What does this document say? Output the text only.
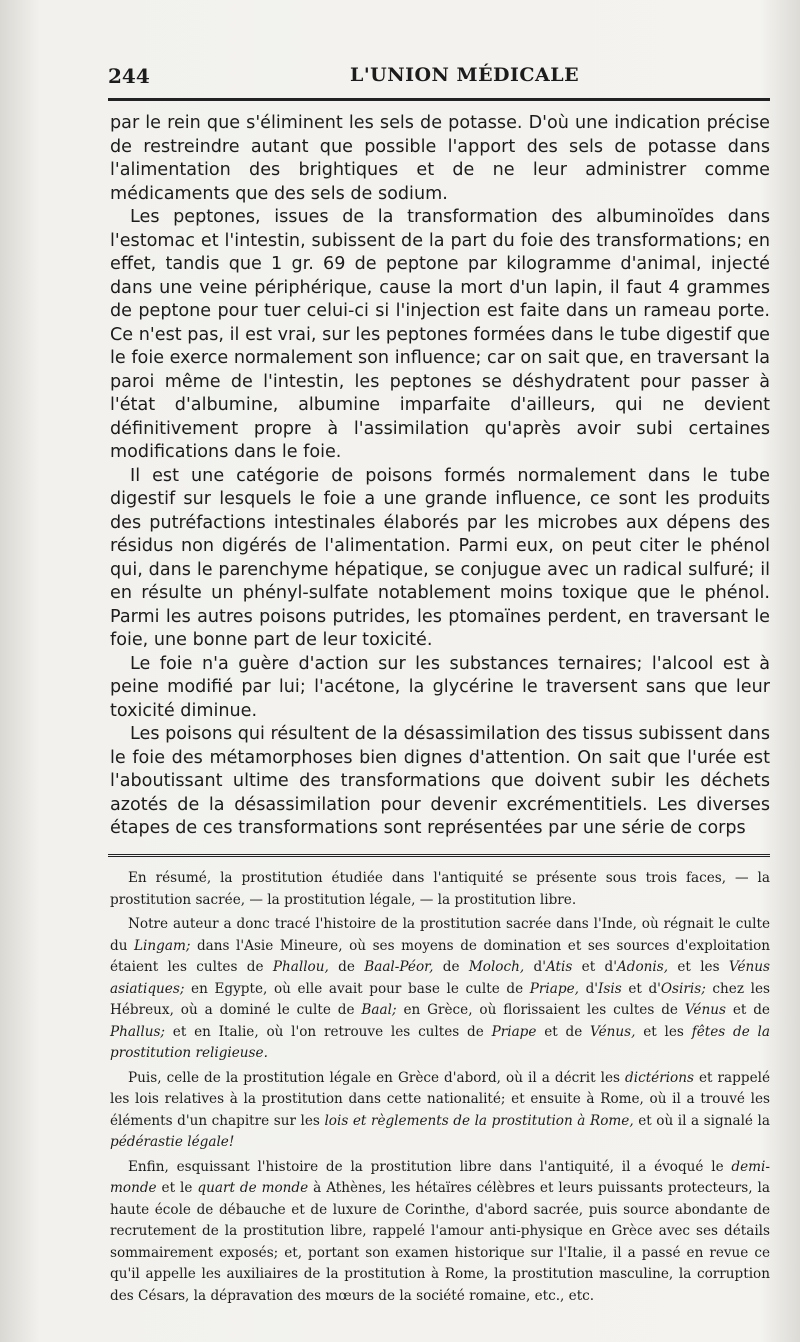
244	L'UNION MÉDICALE

par le rein que s'éliminent les sels de potasse. D'où une indication précise de restreindre autant que possible l'apport des sels de potasse dans l'alimentation des brightiques et de ne leur administrer comme médicaments que des sels de sodium.

Les peptones, issues de la transformation des albuminoïdes dans l'estomac et l'intestin, subissent de la part du foie des transformations; en effet, tandis que 1 gr. 69 de peptone par kilogramme d'animal, injecté dans une veine périphérique, cause la mort d'un lapin, il faut 4 grammes de peptone pour tuer celui-ci si l'injection est faite dans un rameau porte. Ce n'est pas, il est vrai, sur les peptones formées dans le tube digestif que le foie exerce normalement son influence; car on sait que, en traversant la paroi même de l'intestin, les peptones se déshydratent pour passer à l'état d'albumine, albumine imparfaite d'ailleurs, qui ne devient définitivement propre à l'assimilation qu'après avoir subi certaines modifications dans le foie.

Il est une catégorie de poisons formés normalement dans le tube digestif sur lesquels le foie a une grande influence, ce sont les produits des putréfactions intestinales élaborés par les microbes aux dépens des résidus non digérés de l'alimentation. Parmi eux, on peut citer le phénol qui, dans le parenchyme hépatique, se conjugue avec un radical sulfuré; il en résulte un phényl-sulfate notablement moins toxique que le phénol. Parmi les autres poisons putrides, les ptomaïnes perdent, en traversant le foie, une bonne part de leur toxicité.

Le foie n'a guère d'action sur les substances ternaires; l'alcool est à peine modifié par lui; l'acétone, la glycérine le traversent sans que leur toxicité diminue.

Les poisons qui résultent de la désassimilation des tissus subissent dans le foie des métamorphoses bien dignes d'attention. On sait que l'urée est l'aboutissant ultime des transformations que doivent subir les déchets azotés de la désassimilation pour devenir excrémentitiels. Les diverses étapes de ces transformations sont représentées par une série de corps

En résumé, la prostitution étudiée dans l'antiquité se présente sous trois faces, — la prostitution sacrée, — la prostitution légale, — la prostitution libre.

Notre auteur a donc tracé l'histoire de la prostitution sacrée dans l'Inde, où régnait le culte du Lingam; dans l'Asie Mineure, où ses moyens de domination et ses sources d'exploitation étaient les cultes de Phallou, de Baal-Péor, de Moloch, d'Atis et d'Adonis, et les Vénus asiatiques; en Egypte, où elle avait pour base le culte de Priape, d'Isis et d'Osiris; chez les Hébreux, où a dominé le culte de Baal; en Grèce, où florissaient les cultes de Vénus et de Phallus; et en Italie, où l'on retrouve les cultes de Priape et de Vénus, et les fêtes de la prostitution religieuse.

Puis, celle de la prostitution légale en Grèce d'abord, où il a décrit les dictérions et rappelé les lois relatives à la prostitution dans cette nationalité; et ensuite à Rome, où il a trouvé les éléments d'un chapitre sur les lois et règlements de la prostitution à Rome, et où il a signalé la pédérastie légale!

Enfin, esquissant l'histoire de la prostitution libre dans l'antiquité, il a évoqué le demi-monde et le quart de monde à Athènes, les hétaïres célèbres et leurs puissants protecteurs, la haute école de débauche et de luxure de Corinthe, d'abord sacrée, puis source abondante de recrutement de la prostitution libre, rappelé l'amour anti-physique en Grèce avec ses détails sommairement exposés; et, portant son examen historique sur l'Italie, il a passé en revue ce qu'il appelle les auxiliaires de la prostitution à Rome, la prostitution masculine, la corruption des Césars, la dépravation des mœurs de la société romaine, etc., etc.
